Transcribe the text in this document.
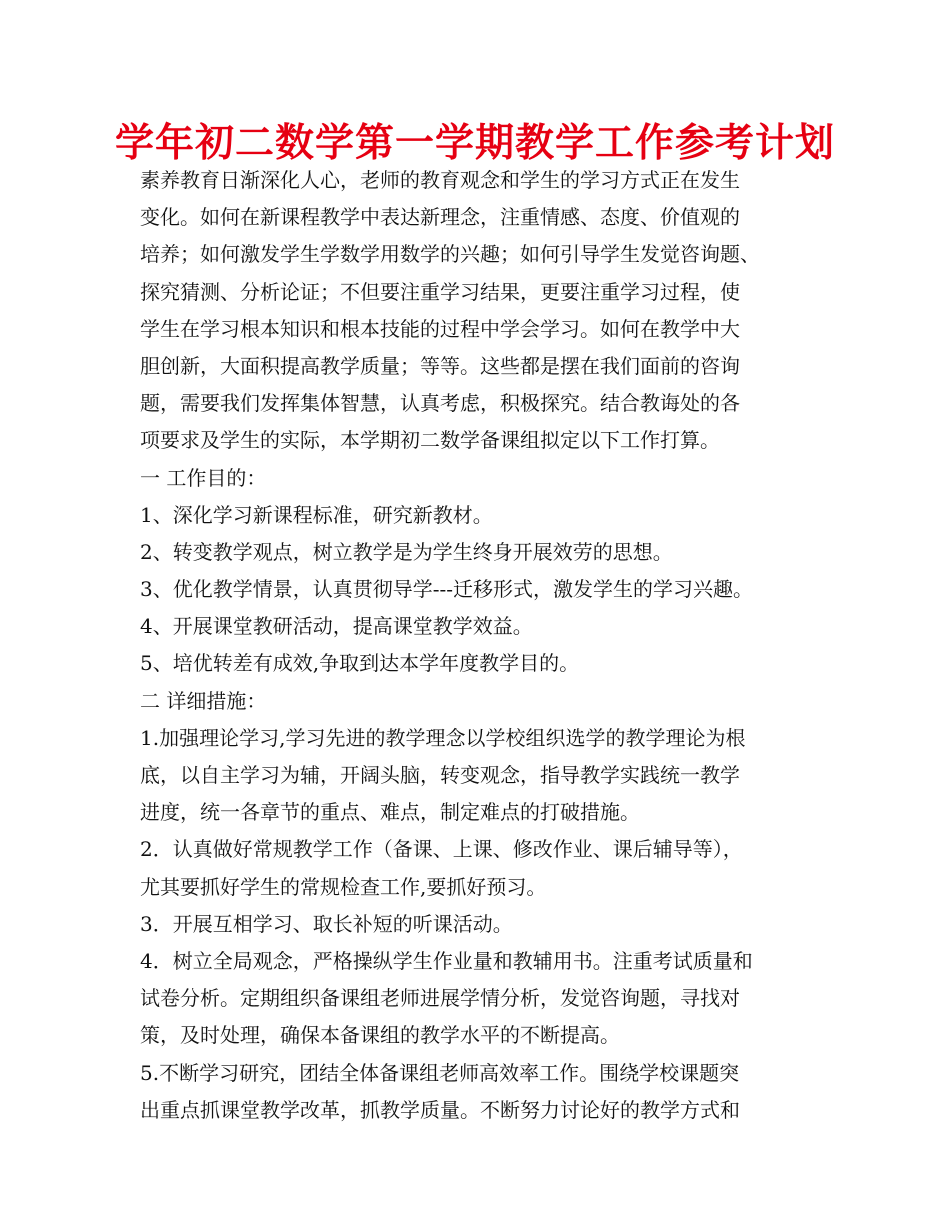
学年初二数学第一学期教学工作参考计划
素养教育日渐深化人心，老师的教育观念和学生的学习方式正在发生
变化。如何在新课程教学中表达新理念，注重情感、态度、价值观的
培养；如何激发学生学数学用数学的兴趣；如何引导学生发觉咨询题、
探究猜测、分析论证；不但要注重学习结果，更要注重学习过程，使
学生在学习根本知识和根本技能的过程中学会学习。如何在教学中大
胆创新，大面积提高教学质量；等等。这些都是摆在我们面前的咨询
题，需要我们发挥集体智慧，认真考虑，积极探究。结合教诲处的各
项要求及学生的实际，本学期初二数学备课组拟定以下工作打算。
一 工作目的：
1、深化学习新课程标准，研究新教材。
2、转变教学观点，树立教学是为学生终身开展效劳的思想。
3、优化教学情景，认真贯彻导学---迁移形式，激发学生的学习兴趣。
4、开展课堂教研活动，提高课堂教学效益。
5、培优转差有成效,争取到达本学年度教学目的。
二 详细措施：
1.加强理论学习,学习先进的教学理念以学校组织选学的教学理论为根
底，以自主学习为辅，开阔头脑，转变观念，指导教学实践统一教学
进度，统一各章节的重点、难点，制定难点的打破措施。
2．认真做好常规教学工作（备课、上课、修改作业、课后辅导等），
尤其要抓好学生的常规检查工作,要抓好预习。
3．开展互相学习、取长补短的听课活动。
4．树立全局观念，严格操纵学生作业量和教辅用书。注重考试质量和
试卷分析。定期组织备课组老师进展学情分析，发觉咨询题，寻找对
策，及时处理，确保本备课组的教学水平的不断提高。
5.不断学习研究，团结全体备课组老师高效率工作。围绕学校课题突
出重点抓课堂教学改革，抓教学质量。不断努力讨论好的教学方式和
